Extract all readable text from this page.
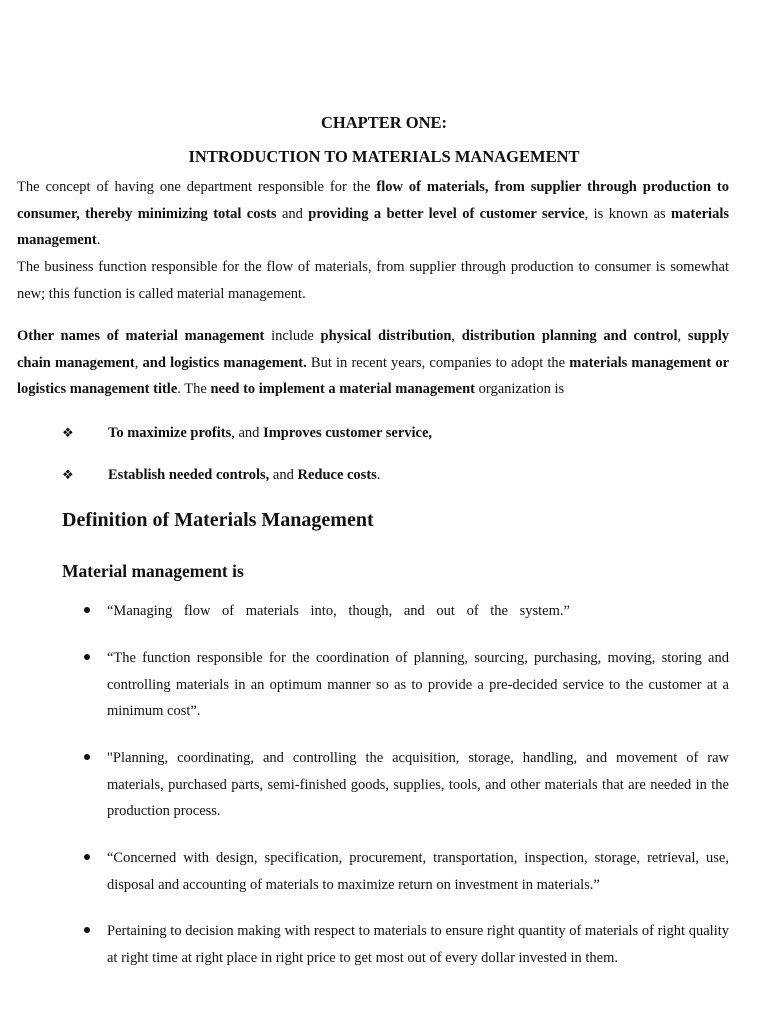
CHAPTER ONE:
INTRODUCTION TO MATERIALS MANAGEMENT

The concept of having one department responsible for the flow of materials, from supplier through production to consumer, thereby minimizing total costs and providing a better level of customer service, is known as materials management.

The business function responsible for the flow of materials, from supplier through production to consumer is somewhat new; this function is called material management.

Other names of material management include physical distribution, distribution planning and control, supply chain management, and logistics management. But in recent years, companies to adopt the materials management or logistics management title. The need to implement a material management organization is

❖	To maximize profits, and Improves customer service,
❖	Establish needed controls, and Reduce costs.
Definition of Materials Management
Material management is
“Managing flow of materials into, though, and out of the system.”
“The function responsible for the coordination of planning, sourcing, purchasing, moving, storing and controlling materials in an optimum manner so as to provide a pre-decided service to the customer at a minimum cost”.
"Planning, coordinating, and controlling the acquisition, storage, handling, and movement of raw materials, purchased parts, semi-finished goods, supplies, tools, and other materials that are needed in the production process.
“Concerned with design, specification, procurement, transportation, inspection, storage, retrieval, use, disposal and accounting of materials to maximize return on investment in materials.”
Pertaining to decision making with respect to materials to ensure right quantity of materials of right quality at right time at right place in right price to get most out of every dollar invested in them.
